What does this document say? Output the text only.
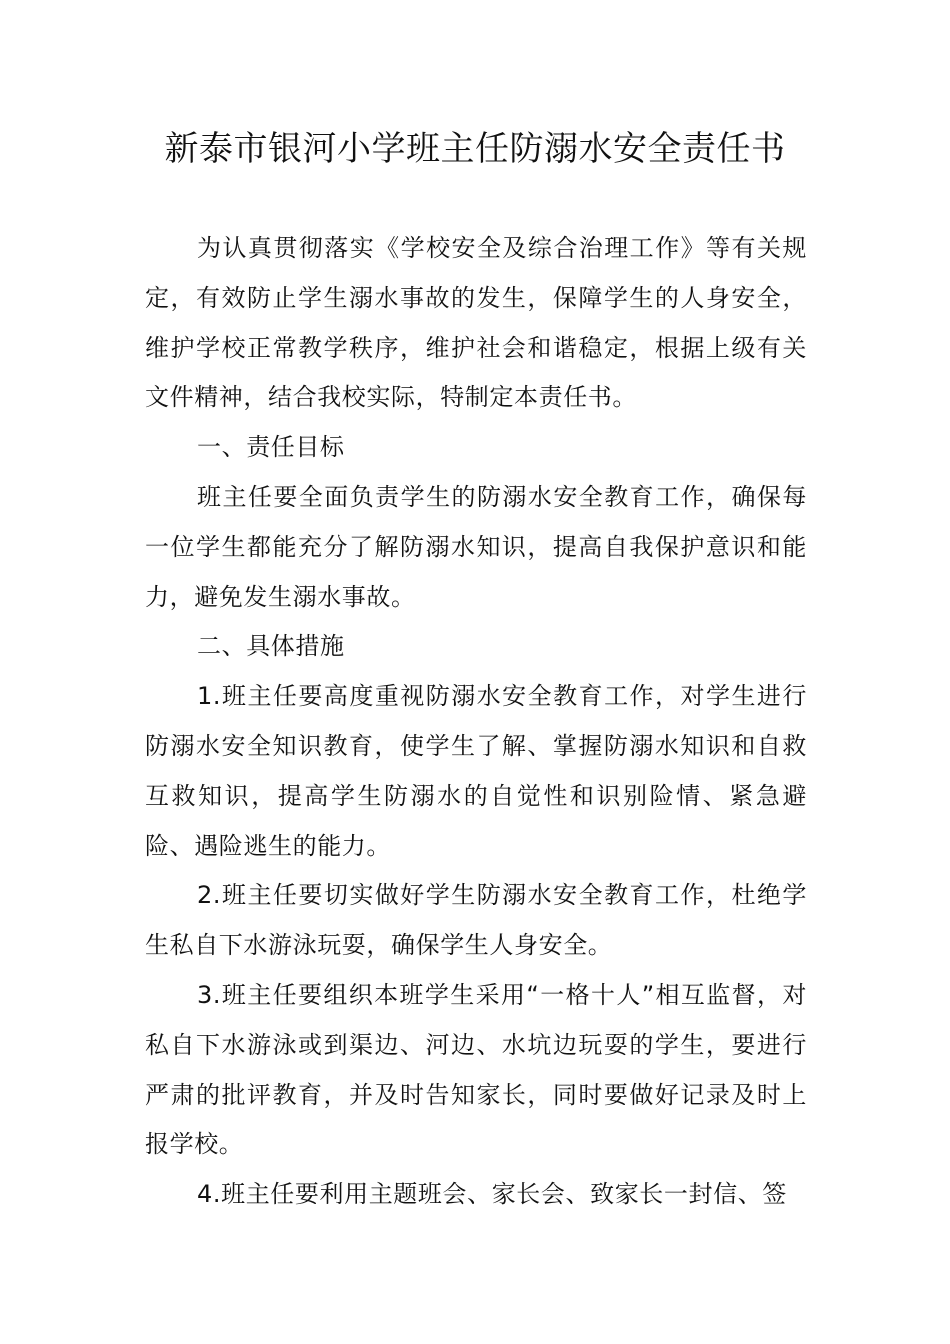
新泰市银河小学班主任防溺水安全责任书

为认真贯彻落实《学校安全及综合治理工作》等有关规定，有效防止学生溺水事故的发生，保障学生的人身安全，维护学校正常教学秩序，维护社会和谐稳定，根据上级有关文件精神，结合我校实际，特制定本责任书。

一、责任目标

班主任要全面负责学生的防溺水安全教育工作，确保每一位学生都能充分了解防溺水知识，提高自我保护意识和能力，避免发生溺水事故。

二、具体措施

1.班主任要高度重视防溺水安全教育工作，对学生进行防溺水安全知识教育，使学生了解、掌握防溺水知识和自救互救知识，提高学生防溺水的自觉性和识别险情、紧急避险、遇险逃生的能力。

2.班主任要切实做好学生防溺水安全教育工作，杜绝学生私自下水游泳玩耍，确保学生人身安全。

3.班主任要组织本班学生采用“一格十人”相互监督，对私自下水游泳或到渠边、河边、水坑边玩耍的学生，要进行严肃的批评教育，并及时告知家长，同时要做好记录及时上报学校。

4.班主任要利用主题班会、家长会、致家长一封信、签
